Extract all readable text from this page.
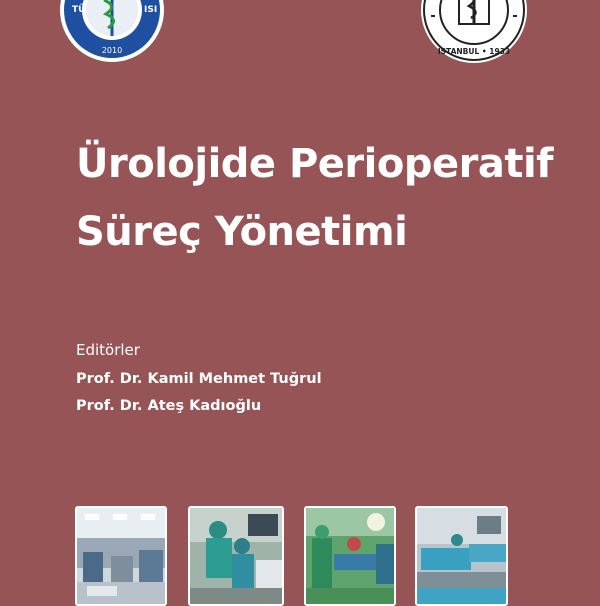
TÜ	ISI
2010	İSTANBUL • 1933
Ürolojide Perioperatif
Süreç Yönetimi
Editörler
Prof. Dr. Kamil Mehmet Tuğrul
Prof. Dr. Ateş Kadıoğlu
